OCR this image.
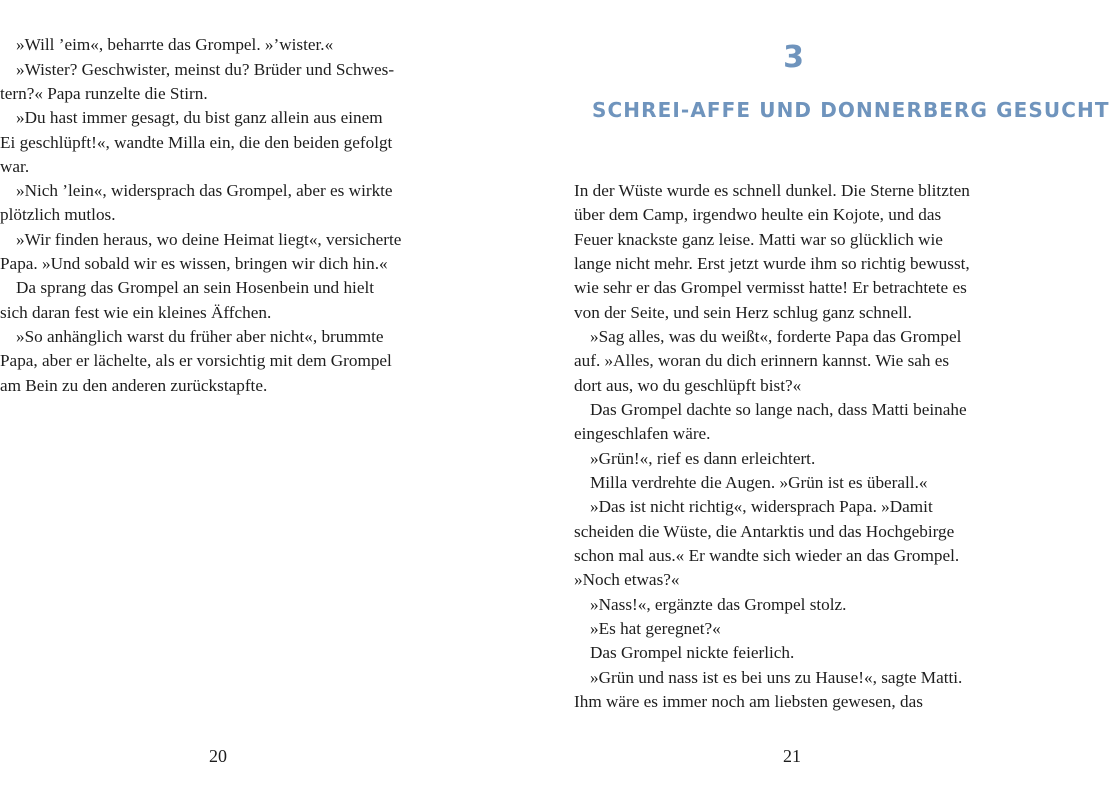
»Will ’eim«, beharrte das Grompel. »’wister.«
»Wister? Geschwister, meinst du? Brüder und Schwes-
tern?« Papa runzelte die Stirn.
»Du hast immer gesagt, du bist ganz allein aus einem
Ei geschlüpft!«, wandte Milla ein, die den beiden gefolgt
war.
»Nich ’lein«, widersprach das Grompel, aber es wirkte
plötzlich mutlos.
»Wir finden heraus, wo deine Heimat liegt«, versicherte
Papa. »Und sobald wir es wissen, bringen wir dich hin.«
Da sprang das Grompel an sein Hosenbein und hielt
sich daran fest wie ein kleines Äffchen.
»So anhänglich warst du früher aber nicht«, brummte
Papa, aber er lächelte, als er vorsichtig mit dem Grompel
am Bein zu den anderen zurückstapfte.
20
3
SCHREI-AFFE UND DONNERBERG GESUCHT
In der Wüste wurde es schnell dunkel. Die Sterne blitzten
über dem Camp, irgendwo heulte ein Kojote, und das
Feuer knackste ganz leise. Matti war so glücklich wie
lange nicht mehr. Erst jetzt wurde ihm so richtig bewusst,
wie sehr er das Grompel vermisst hatte! Er betrachtete es
von der Seite, und sein Herz schlug ganz schnell.
»Sag alles, was du weißt«, forderte Papa das Grompel
auf. »Alles, woran du dich erinnern kannst. Wie sah es
dort aus, wo du geschlüpft bist?«
Das Grompel dachte so lange nach, dass Matti beinahe
eingeschlafen wäre.
»Grün!«, rief es dann erleichtert.
Milla verdrehte die Augen. »Grün ist es überall.«
»Das ist nicht richtig«, widersprach Papa. »Damit
scheiden die Wüste, die Antarktis und das Hochgebirge
schon mal aus.« Er wandte sich wieder an das Grompel.
»Noch etwas?«
»Nass!«, ergänzte das Grompel stolz.
»Es hat geregnet?«
Das Grompel nickte feierlich.
»Grün und nass ist es bei uns zu Hause!«, sagte Matti.
Ihm wäre es immer noch am liebsten gewesen, das
21
